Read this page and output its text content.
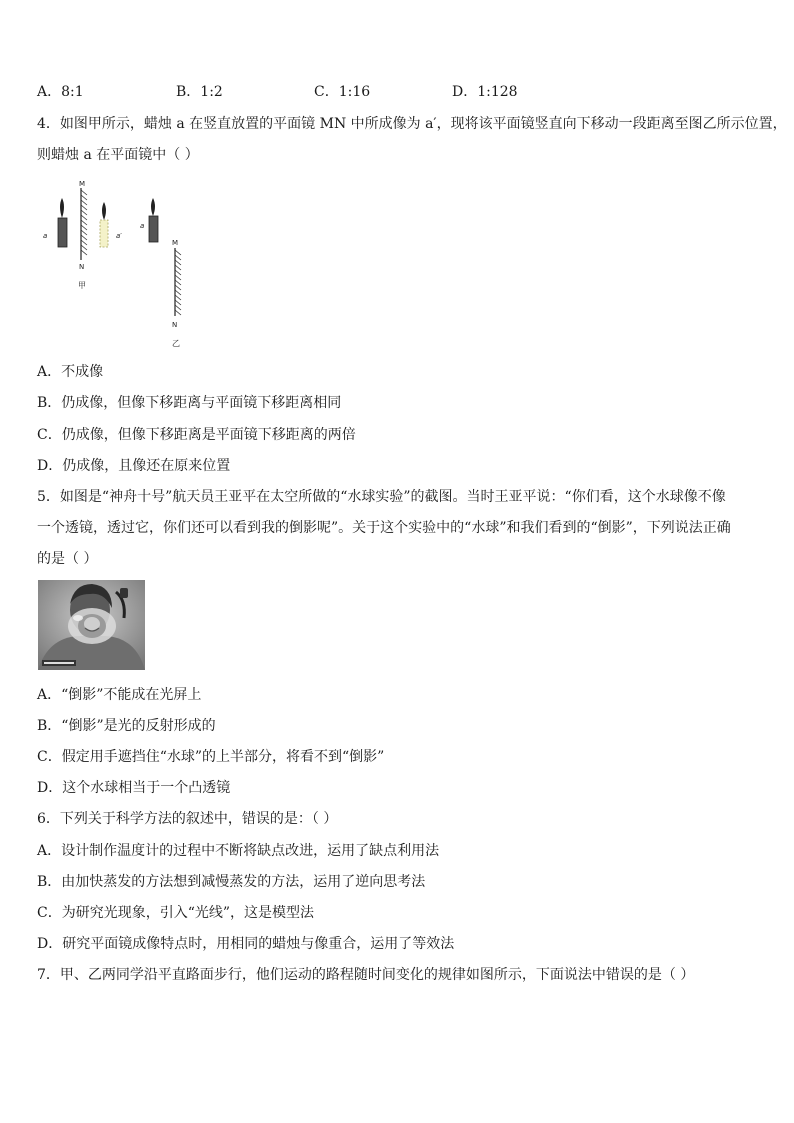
A．8:1	B．1:2	C．1:16	D．1:128
4．如图甲所示，蜡烛 a 在竖直放置的平面镜 MN 中所成像为 a′，现将该平面镜竖直向下移动一段距离至图乙所示位置，
则蜡烛 a 在平面镜中（ ）
M
N
甲
a	a′
a
M
N
乙
A．不成像
B．仍成像，但像下移距离与平面镜下移距离相同
C．仍成像，但像下移距离是平面镜下移距离的两倍
D．仍成像，且像还在原来位置
5．如图是“神舟十号”航天员王亚平在太空所做的“水球实验”的截图。当时王亚平说：“你们看，这个水球像不像
一个透镜，透过它，你们还可以看到我的倒影呢”。关于这个实验中的“水球”和我们看到的“倒影”，下列说法正确
的是（ ）
A．“倒影”不能成在光屏上
B．“倒影”是光的反射形成的
C．假定用手遮挡住“水球”的上半部分，将看不到“倒影”
D．这个水球相当于一个凸透镜
6．下列关于科学方法的叙述中，错误的是：（ ）
A．设计制作温度计的过程中不断将缺点改进，运用了缺点利用法
B．由加快蒸发的方法想到减慢蒸发的方法，运用了逆向思考法
C．为研究光现象，引入“光线”，这是模型法
D．研究平面镜成像特点时，用相同的蜡烛与像重合，运用了等效法
7．甲、乙两同学沿平直路面步行，他们运动的路程随时间变化的规律如图所示，下面说法中错误的是（ ）
